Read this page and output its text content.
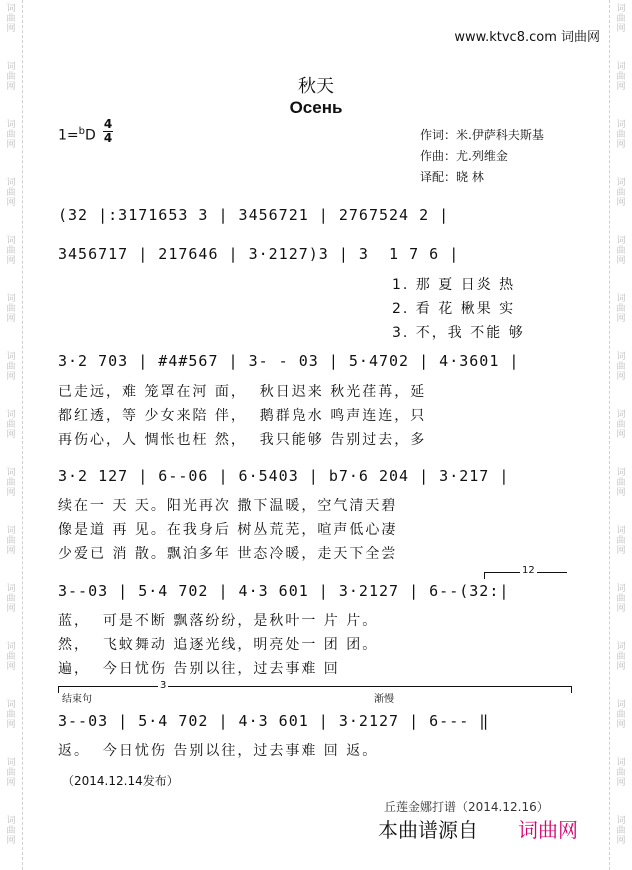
词
曲
网
词
曲
网
词
曲
网
词
曲
网
词
曲
网
词
曲
网
词
曲
网
词
曲
网
词
曲
网
词
曲
网
词
曲
网
词
曲
网
词
曲
网
词
曲
网
词
曲
网
词
曲
网
词
曲
网
词
曲
网
词
曲
网
词
曲
网
词
曲
网
词
曲
网
词
曲
网
词
曲
网
词
曲
网
词
曲
网
词
曲
网
词
曲
网
词
曲
网
词
曲
网
www.ktvc8.com 词曲网
秋天
Осень
$1=^bD \frac{4}{4}$	作词：米.伊萨科夫斯基
作曲：尤.列维金
译配：晓 林
(32 |:3171653 3 | 3456721 | 2767524 2 |
3456717 | 217646 | 3·2127)3 | 3  1 7 6 |
1. 那 夏 日炎 热
2. 看 花 楸果 实
3. 不，我 不能 够
3·2 703 | #4#567 | 3- - 03 | 5·4702 | 4·3601 |
已走远，难 笼罩在河 面，  秋日迟来 秋光荏苒，延
都红透，等 少女来陪 伴，  鹅群凫水 鸣声连连，只
再伤心，人 惆怅也枉 然，  我只能够 告别过去，多
3·2 127 | 6--06 | 6·5403 | b7·6 204 | 3·217 |
续在一 天 天。阳光再次 撒下温暖，空气清天碧
像是道 再 见。在我身后 树丛荒芜，喧声低心凄
少爱已 消 散。飘泊多年 世态冷暖，走天下全尝
12
3--03 | 5·4 702 | 4·3 601 | 3·2127 | 6--(32:|
蓝，  可是不断 飘落纷纷，是秋叶一 片 片。
然，  飞蚊舞动 追逐光线，明亮处一 团 团。
遍，  今日忧伤 告别以往，过去事难 回
3
结束句	渐慢
3--03 | 5·4 702 | 4·3 601 | 3·2127 | 6--- ‖
返。  今日忧伤 告别以往，过去事难 回 返。
（2014.12.14发布）
丘莲金娜打谱（2014.12.16）
本曲谱源自 词曲网
